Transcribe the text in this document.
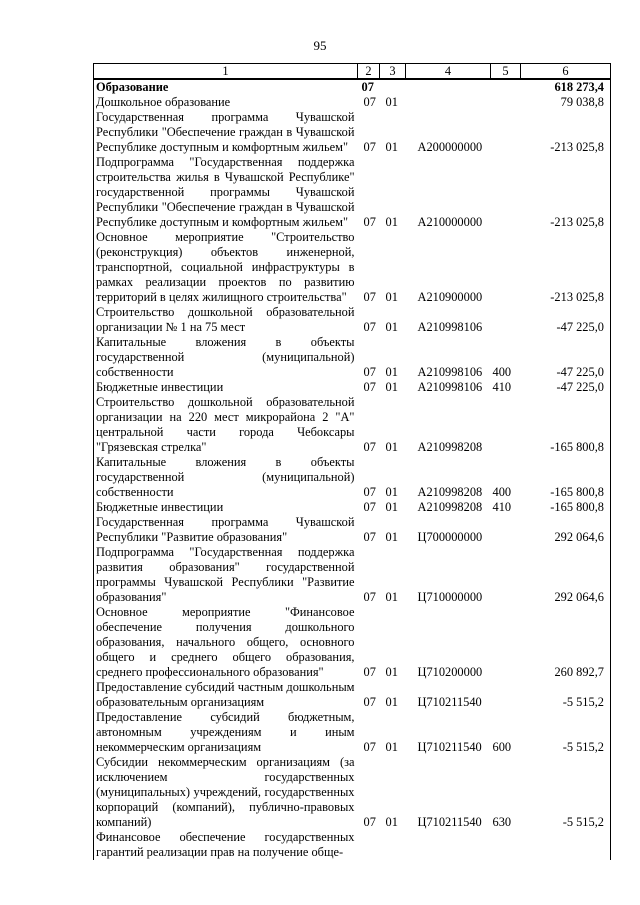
95
1	2	3	4	5	6
Образование	07				618 273,4
Дошкольное образование	07	01			79 038,8
Государственная программа Чувашской Республики "Обеспечение граждан в Чувашской Республике доступным и комфортным жильем"	07	01	А200000000		-213 025,8
Подпрограмма "Государственная поддержка строительства жилья в Чувашской Республике" государственной программы Чувашской Республики "Обеспечение граждан в Чувашской Республике доступным и комфортным жильем"	07	01	А210000000		-213 025,8
Основное мероприятие "Строительство (реконструкция) объектов инженерной, транспортной, социальной инфраструктуры в рамках реализации проектов по развитию территорий в целях жилищного строительства"	07	01	А210900000		-213 025,8
Строительство дошкольной образовательной организации № 1 на 75 мест	07	01	А210998106		-47 225,0
Капитальные вложения в объекты государственной (муниципальной) собственности	07	01	А210998106	400	-47 225,0
Бюджетные инвестиции	07	01	А210998106	410	-47 225,0
Строительство дошкольной образовательной организации на 220 мест микрорайона 2 "А" центральной части города Чебоксары "Грязевская стрелка"	07	01	А210998208		-165 800,8
Капитальные вложения в объекты государственной (муниципальной) собственности	07	01	А210998208	400	-165 800,8
Бюджетные инвестиции	07	01	А210998208	410	-165 800,8
Государственная программа Чувашской Республики "Развитие образования"	07	01	Ц700000000		292 064,6
Подпрограмма "Государственная поддержка развития образования" государственной программы Чувашской Республики "Развитие образования"	07	01	Ц710000000		292 064,6
Основное мероприятие "Финансовое обеспечение получения дошкольного образования, начального общего, основного общего и среднего общего образования, среднего профессионального образования"	07	01	Ц710200000		260 892,7
Предоставление субсидий частным дошкольным образовательным организациям	07	01	Ц710211540		-5 515,2
Предоставление субсидий бюджетным, автономным учреждениям и иным некоммерческим организациям	07	01	Ц710211540	600	-5 515,2
Субсидии некоммерческим организациям (за исключением государственных (муниципальных) учреждений, государственных корпораций (компаний), публично-правовых компаний)	07	01	Ц710211540	630	-5 515,2
Финансовое обеспечение государственных гарантий реализации прав на получение обще-					
